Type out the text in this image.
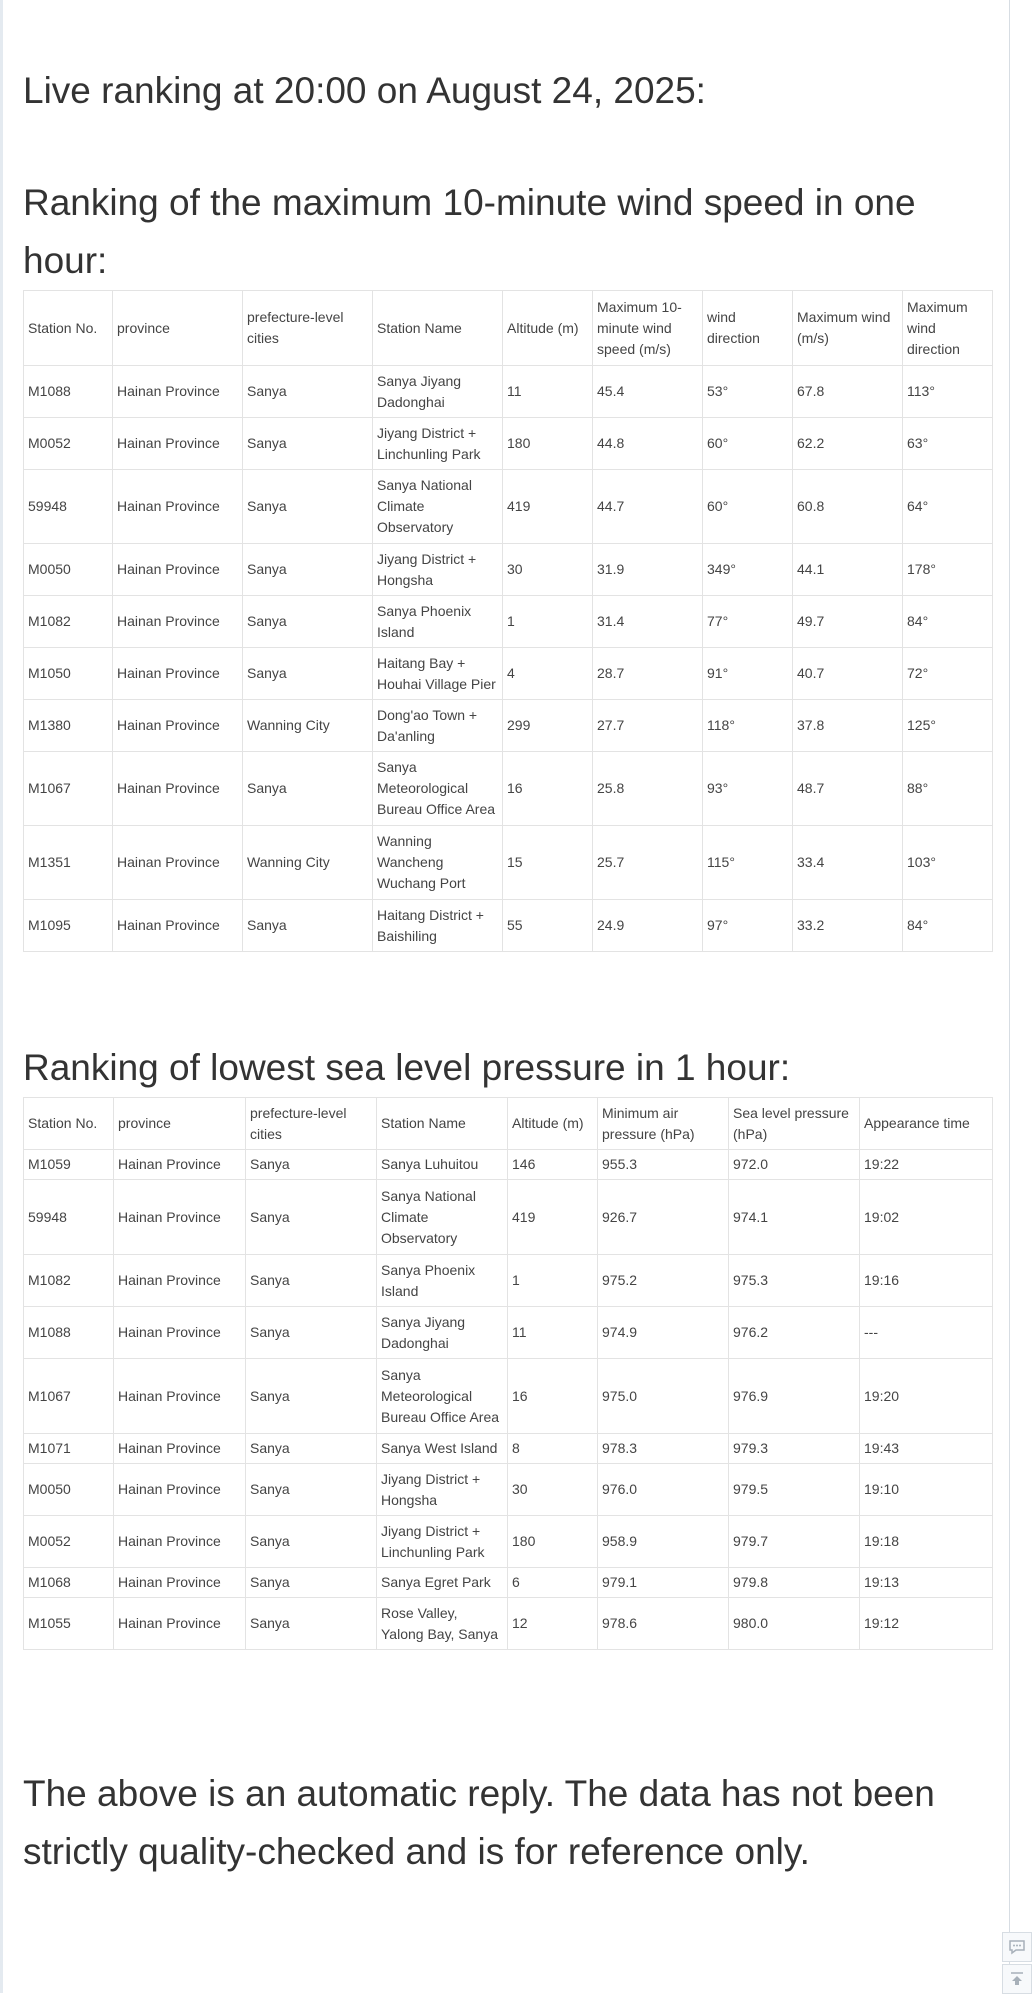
Live ranking at 20:00 on August 24, 2025:
Ranking of the maximum 10-minute wind speed in one hour:
Station No.	province	prefecture-level cities	Station Name	Altitude (m)	Maximum 10-minute wind speed (m/s)	wind direction	Maximum wind (m/s)	Maximum wind direction
M1088	Hainan Province	Sanya	Sanya Jiyang Dadonghai	11	45.4	53°	67.8	113°
M0052	Hainan Province	Sanya	Jiyang District + Linchunling Park	180	44.8	60°	62.2	63°
59948	Hainan Province	Sanya	Sanya National Climate Observatory	419	44.7	60°	60.8	64°
M0050	Hainan Province	Sanya	Jiyang District + Hongsha	30	31.9	349°	44.1	178°
M1082	Hainan Province	Sanya	Sanya Phoenix Island	1	31.4	77°	49.7	84°
M1050	Hainan Province	Sanya	Haitang Bay + Houhai Village Pier	4	28.7	91°	40.7	72°
M1380	Hainan Province	Wanning City	Dong'ao Town + Da'anling	299	27.7	118°	37.8	125°
M1067	Hainan Province	Sanya	Sanya Meteorological Bureau Office Area	16	25.8	93°	48.7	88°
M1351	Hainan Province	Wanning City	Wanning Wancheng Wuchang Port	15	25.7	115°	33.4	103°
M1095	Hainan Province	Sanya	Haitang District + Baishiling	55	24.9	97°	33.2	84°
Ranking of lowest sea level pressure in 1 hour:
Station No.	province	prefecture-level cities	Station Name	Altitude (m)	Minimum air pressure (hPa)	Sea level pressure (hPa)	Appearance time
M1059	Hainan Province	Sanya	Sanya Luhuitou	146	955.3	972.0	19:22
59948	Hainan Province	Sanya	Sanya National Climate Observatory	419	926.7	974.1	19:02
M1082	Hainan Province	Sanya	Sanya Phoenix Island	1	975.2	975.3	19:16
M1088	Hainan Province	Sanya	Sanya Jiyang Dadonghai	11	974.9	976.2	---
M1067	Hainan Province	Sanya	Sanya Meteorological Bureau Office Area	16	975.0	976.9	19:20
M1071	Hainan Province	Sanya	Sanya West Island	8	978.3	979.3	19:43
M0050	Hainan Province	Sanya	Jiyang District + Hongsha	30	976.0	979.5	19:10
M0052	Hainan Province	Sanya	Jiyang District + Linchunling Park	180	958.9	979.7	19:18
M1068	Hainan Province	Sanya	Sanya Egret Park	6	979.1	979.8	19:13
M1055	Hainan Province	Sanya	Rose Valley, Yalong Bay, Sanya	12	978.6	980.0	19:12
The above is an automatic reply. The data has not been strictly quality-checked and is for reference only.
